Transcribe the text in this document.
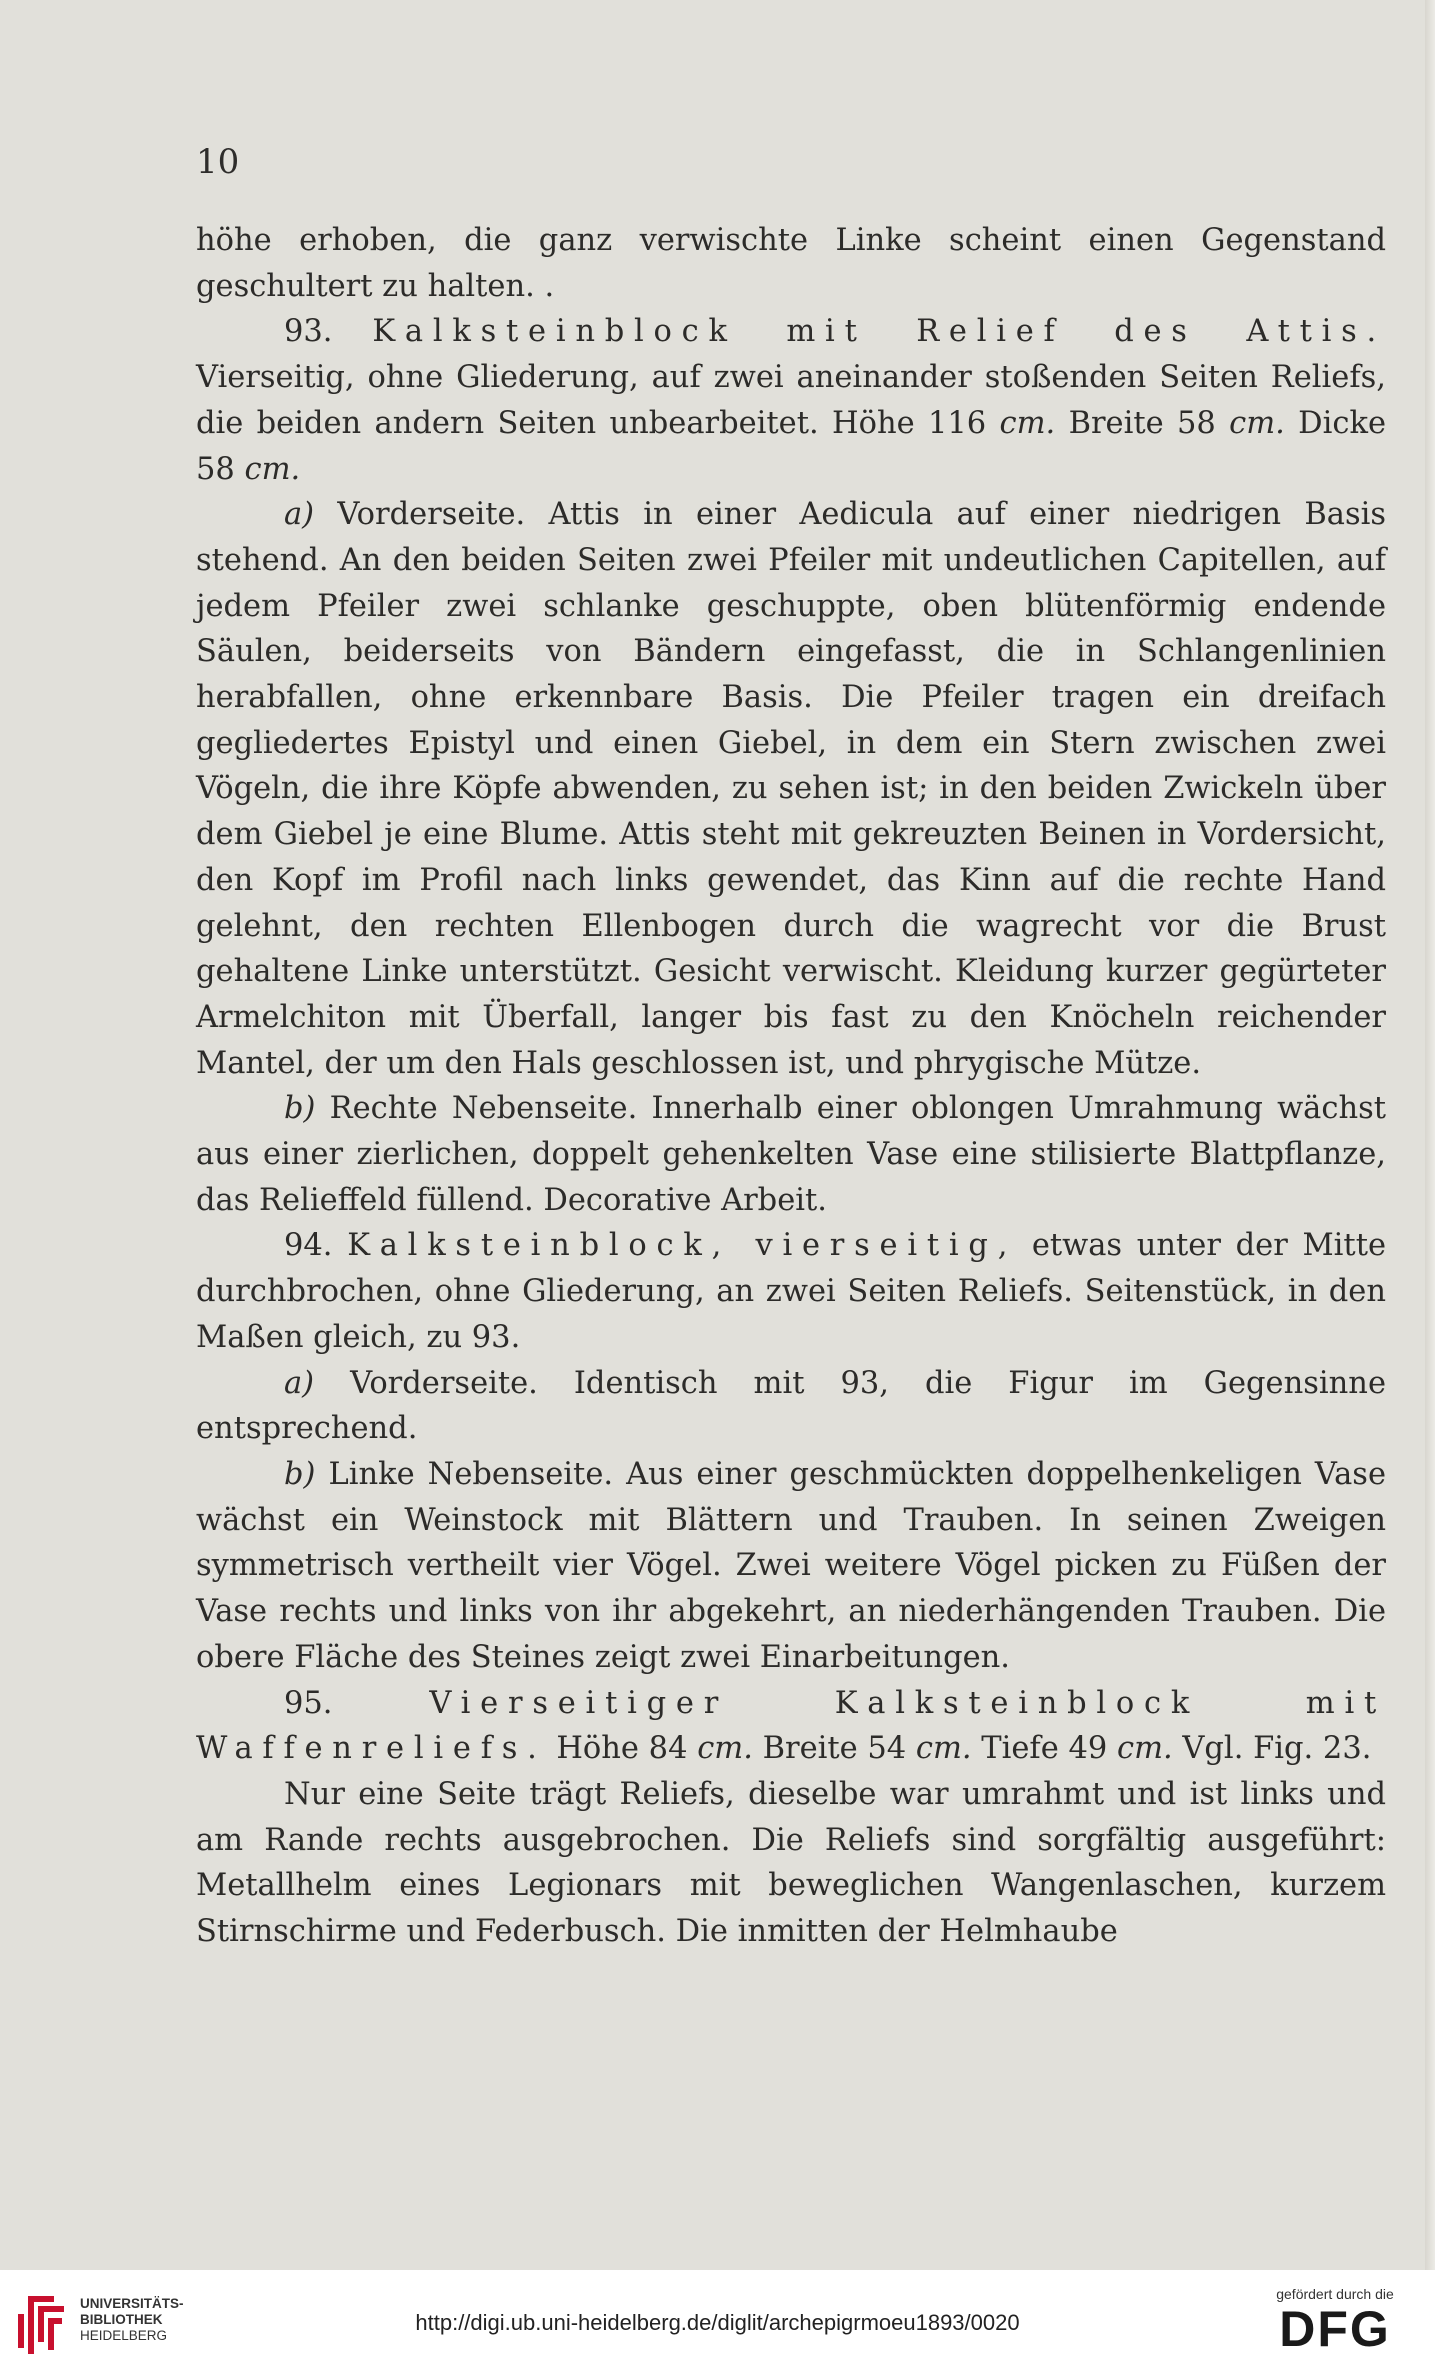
10

höhe erhoben, die ganz verwischte Linke scheint einen Gegenstand geschultert zu halten. .

93. Kalksteinblock mit Relief des Attis. Vierseitig, ohne Gliederung, auf zwei aneinander stoßenden Seiten Reliefs, die beiden andern Seiten unbearbeitet. Höhe 116 cm. Breite 58 cm. Dicke 58 cm.

a) Vorderseite. Attis in einer Aedicula auf einer niedrigen Basis stehend. An den beiden Seiten zwei Pfeiler mit undeutlichen Capitellen, auf jedem Pfeiler zwei schlanke geschuppte, oben blütenförmig endende Säulen, beiderseits von Bändern eingefasst, die in Schlangenlinien herabfallen, ohne erkennbare Basis. Die Pfeiler tragen ein dreifach gegliedertes Epistyl und einen Giebel, in dem ein Stern zwischen zwei Vögeln, die ihre Köpfe abwenden, zu sehen ist; in den beiden Zwickeln über dem Giebel je eine Blume. Attis steht mit gekreuzten Beinen in Vordersicht, den Kopf im Profil nach links gewendet, das Kinn auf die rechte Hand gelehnt, den rechten Ellenbogen durch die wagrecht vor die Brust gehaltene Linke unterstützt. Gesicht verwischt. Kleidung kurzer gegürteter Armelchiton mit Überfall, langer bis fast zu den Knöcheln reichender Mantel, der um den Hals geschlossen ist, und phrygische Mütze.

b) Rechte Nebenseite. Innerhalb einer oblongen Umrahmung wächst aus einer zierlichen, doppelt gehenkelten Vase eine stilisierte Blattpflanze, das Relieffeld füllend. Decorative Arbeit.

94. Kalksteinblock, vierseitig, etwas unter der Mitte durchbrochen, ohne Gliederung, an zwei Seiten Reliefs. Seitenstück, in den Maßen gleich, zu 93.

a) Vorderseite. Identisch mit 93, die Figur im Gegensinne entsprechend.

b) Linke Nebenseite. Aus einer geschmückten doppelhenkeligen Vase wächst ein Weinstock mit Blättern und Trauben. In seinen Zweigen symmetrisch vertheilt vier Vögel. Zwei weitere Vögel picken zu Füßen der Vase rechts und links von ihr abgekehrt, an niederhängenden Trauben. Die obere Fläche des Steines zeigt zwei Einarbeitungen.

95. Vierseitiger Kalksteinblock mit Waffenreliefs. Höhe 84 cm. Breite 54 cm. Tiefe 49 cm. Vgl. Fig. 23.

Nur eine Seite trägt Reliefs, dieselbe war umrahmt und ist links und am Rande rechts ausgebrochen. Die Reliefs sind sorgfältig ausgeführt: Metallhelm eines Legionars mit beweglichen Wangenlaschen, kurzem Stirnschirme und Federbusch. Die inmitten der Helmhaube

UNIVERSITÄTS-
BIBLIOTHEK
HEIDELBERG
http://digi.ub.uni-heidelberg.de/diglit/archepigrmoeu1893/0020
gefördert durch die
DFG
